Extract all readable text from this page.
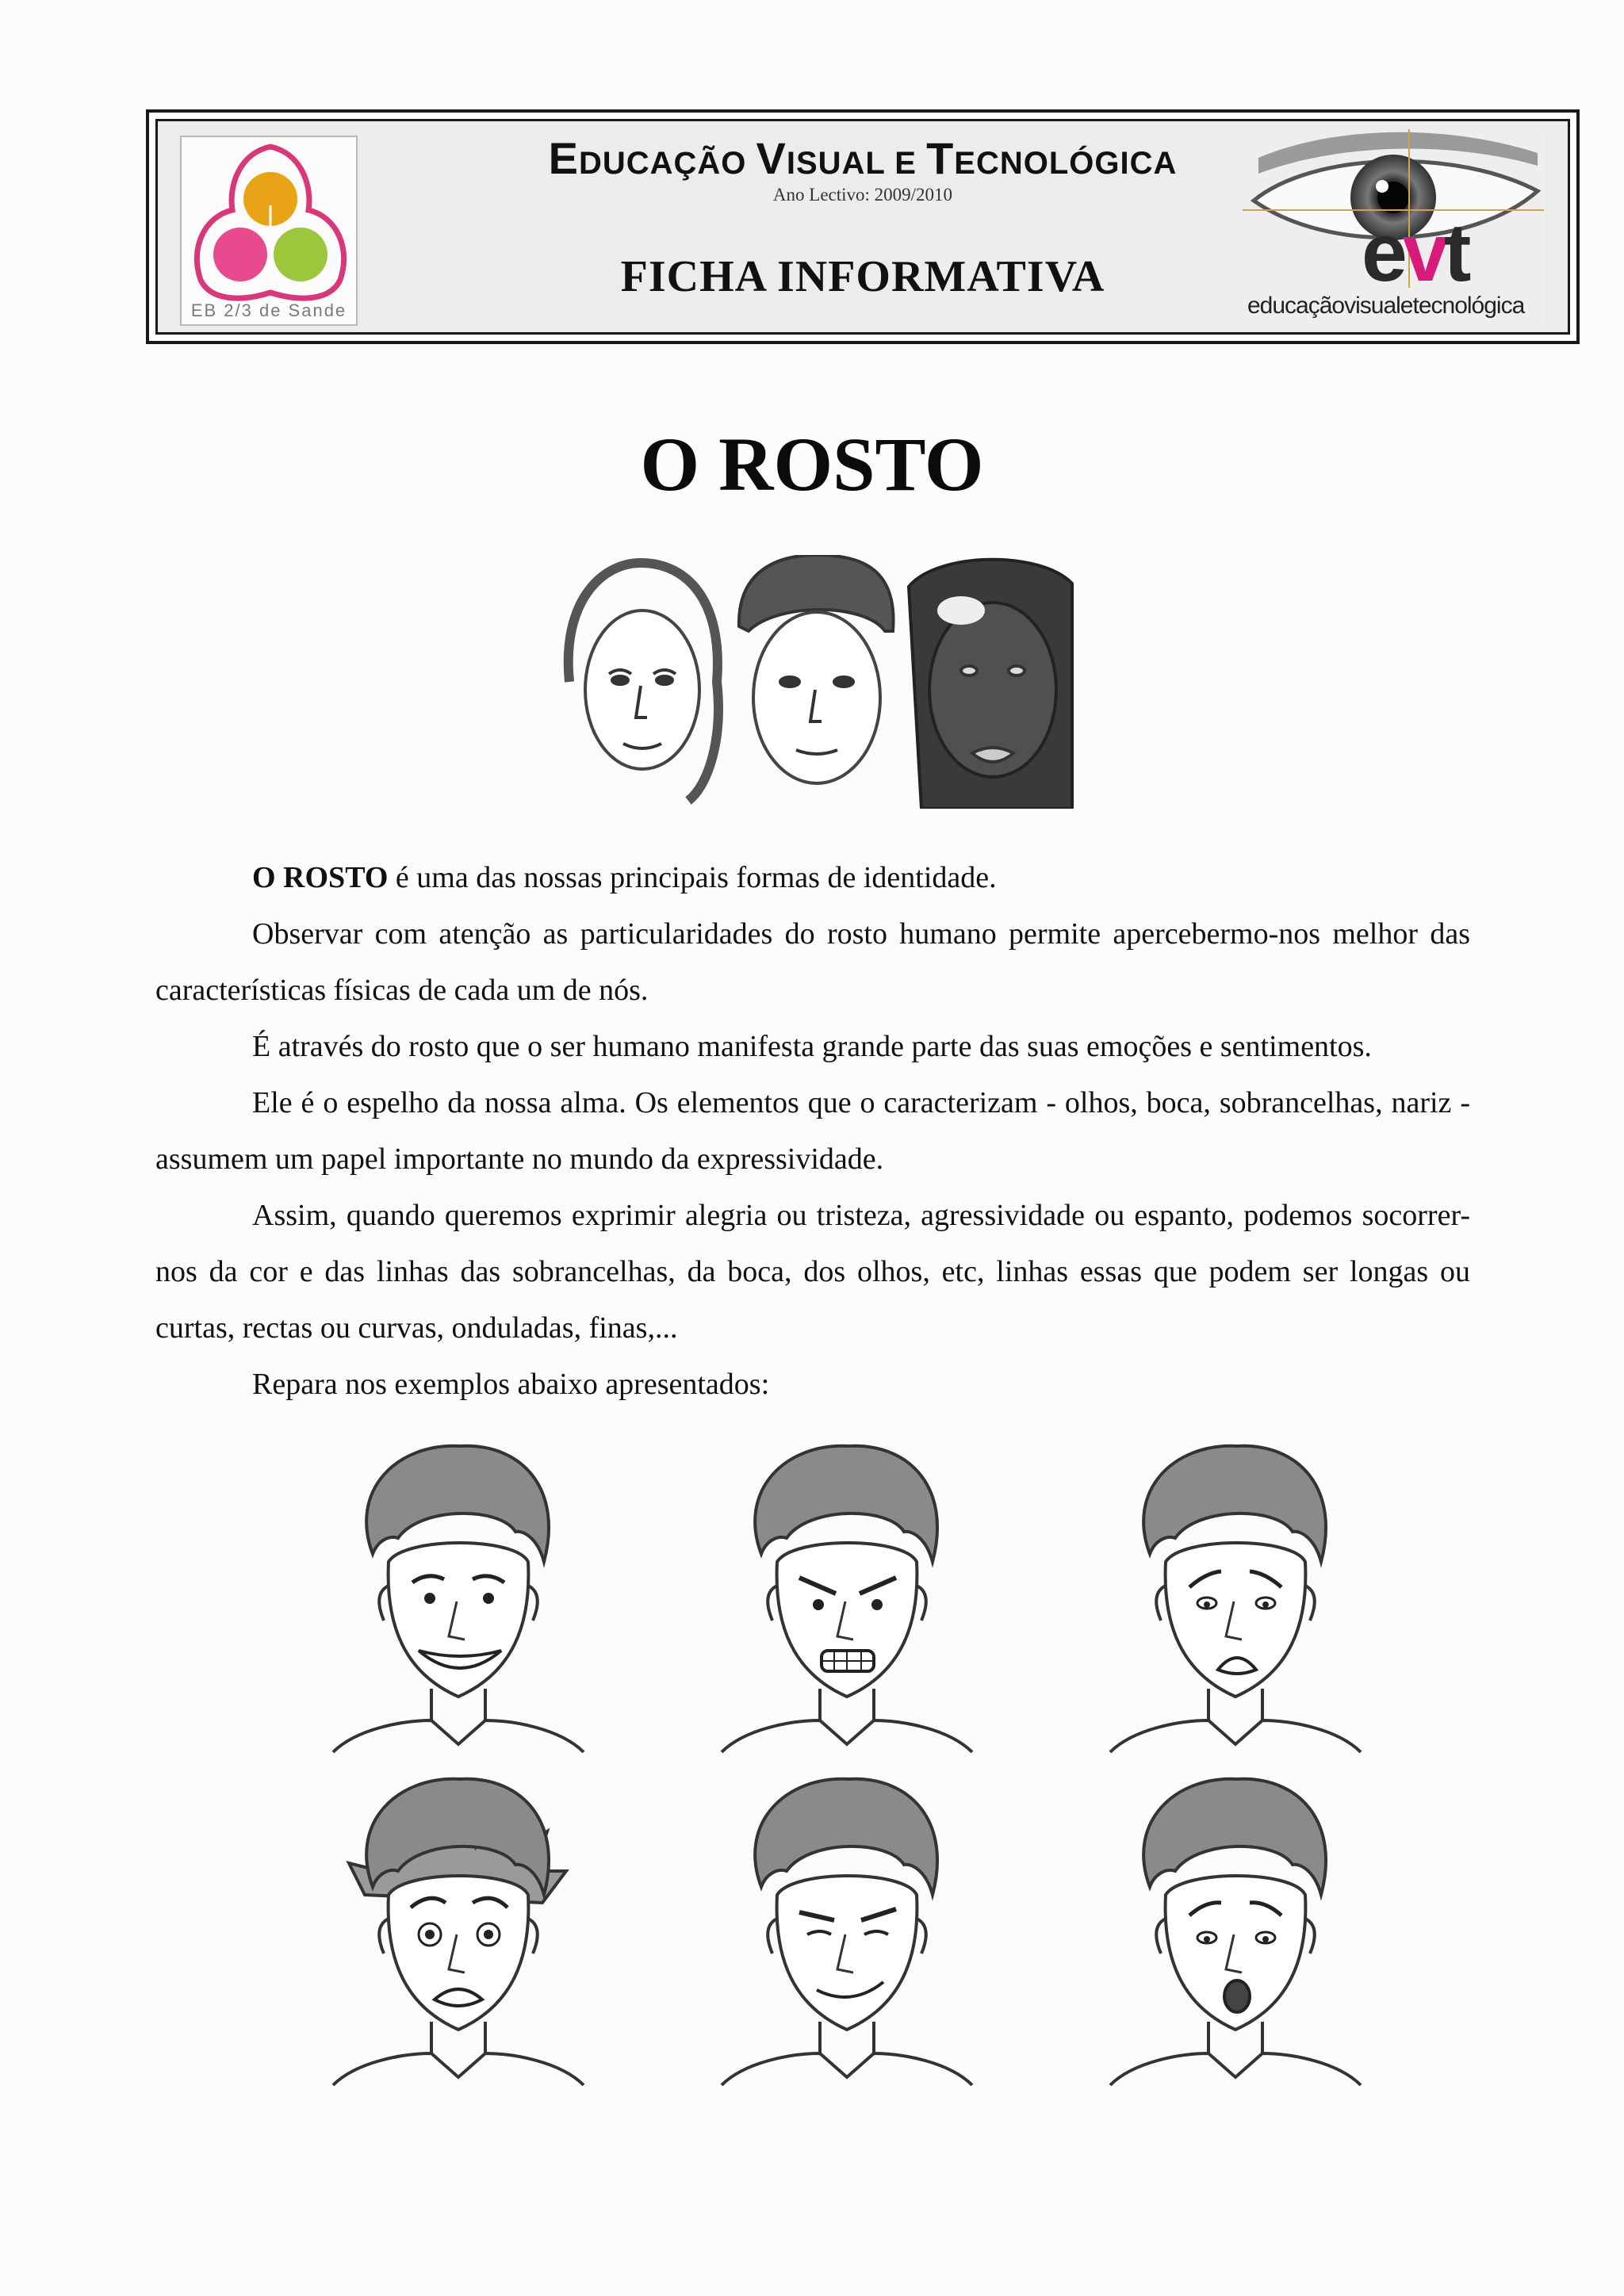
EB 2/3 de Sande
EDUCAÇÃO VISUAL E TECNOLÓGICA
Ano Lectivo: 2009/2010
FICHA INFORMATIVA	evt
educaçãovisualetecnológica
O ROSTO

O ROSTO é uma das nossas principais formas de identidade.

Observar com atenção as particularidades do rosto humano permite apercebermo-nos melhor das características físicas de cada um de nós.

É através do rosto que o ser humano manifesta grande parte das suas emoções e sentimentos.

Ele é o espelho da nossa alma. Os elementos que o caracterizam - olhos, boca, sobrancelhas, nariz - assumem um papel importante no mundo da expressividade.

Assim, quando queremos exprimir alegria ou tristeza, agressividade ou espanto, podemos socorrer-nos da cor e das linhas das sobrancelhas, da boca, dos olhos, etc, linhas essas que podem ser longas ou curtas, rectas ou curvas, onduladas, finas,...

Repara nos exemplos abaixo apresentados:
